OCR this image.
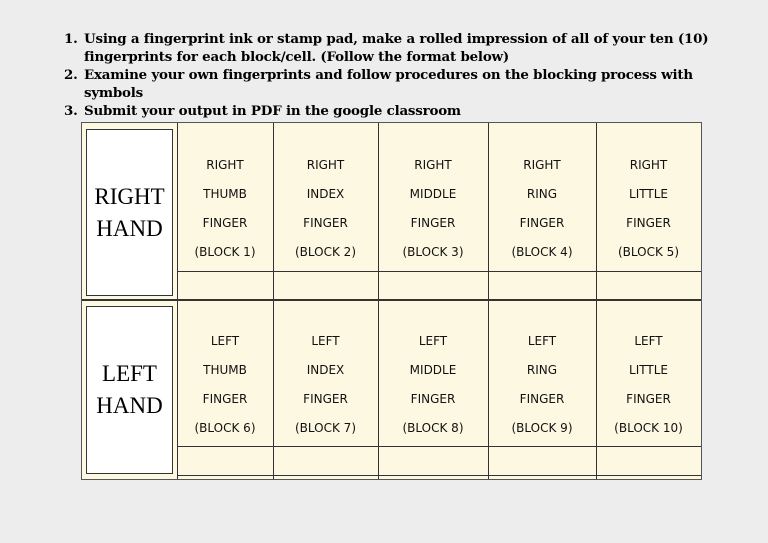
1. Using a fingerprint ink or stamp pad, make a rolled impression of all of your ten (10)
fingerprints for each block/cell. (Follow the format below)
2. Examine your own fingerprints and follow procedures on the blocking process with symbols
3. Submit your output in PDF in the google classroom
RIGHT
HAND
LEFT
HAND
RIGHT
THUMB
FINGER
(BLOCK 1)
RIGHT
INDEX
FINGER
(BLOCK 2)
RIGHT
MIDDLE
FINGER
(BLOCK 3)
RIGHT
RING
FINGER
(BLOCK 4)
RIGHT
LITTLE
FINGER
(BLOCK 5)
LEFT
THUMB
FINGER
(BLOCK 6)
LEFT
INDEX
FINGER
(BLOCK 7)
LEFT
MIDDLE
FINGER
(BLOCK 8)
LEFT
RING
FINGER
(BLOCK 9)
LEFT
LITTLE
FINGER
(BLOCK 10)
